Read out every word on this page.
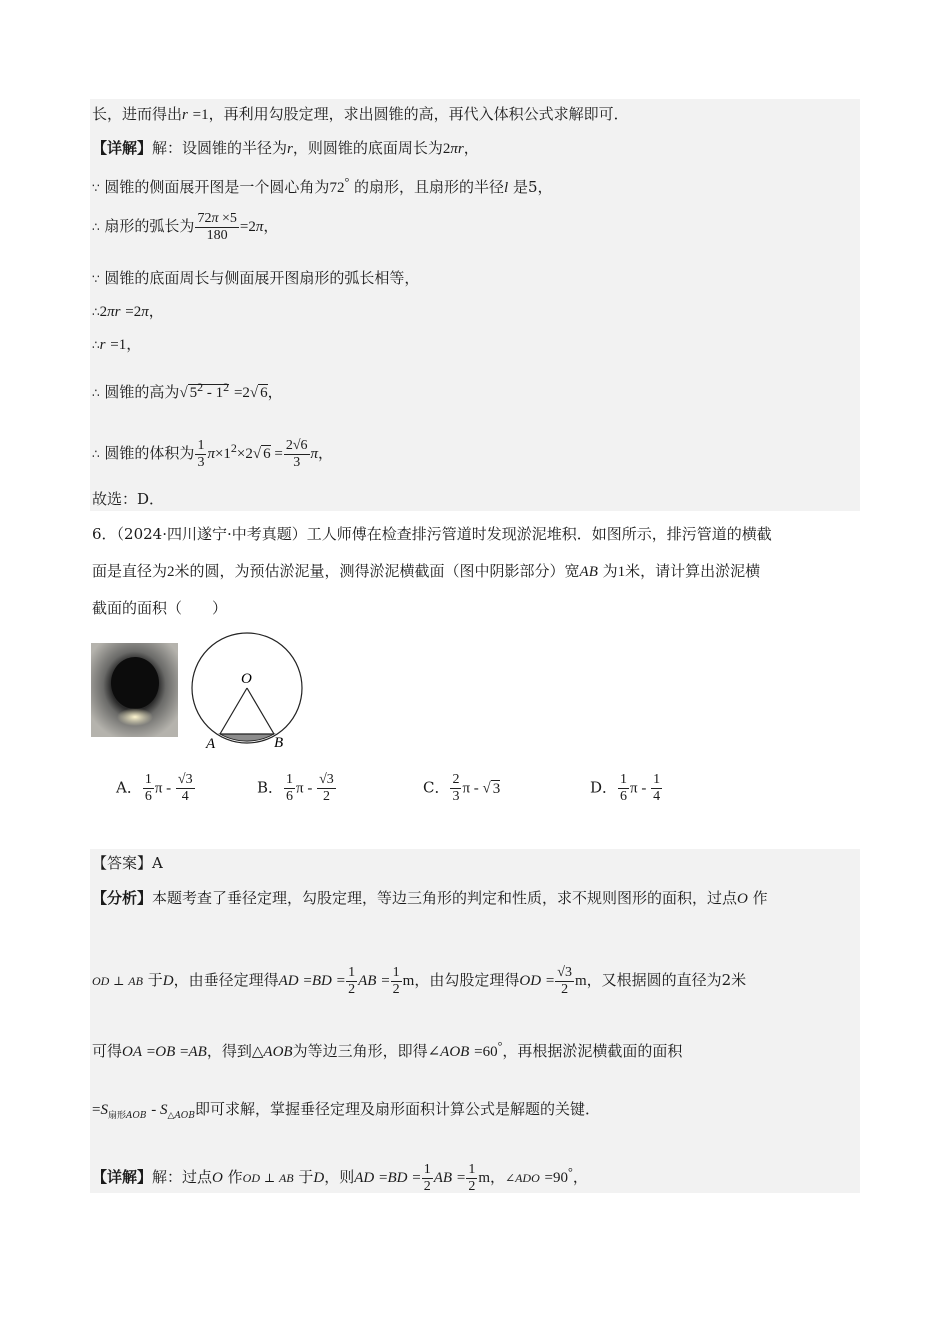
长，进而得出r =1，再利用勾股定理，求出圆锥的高，再代入体积公式求解即可．
【详解】解：设圆锥的半径为r，则圆锥的底面周长为2πr，
∵ 圆锥的侧面展开图是一个圆心角为72° 的扇形，且扇形的半径l 是5，
∴ 扇形的弧长为 $\frac{72\pi \times 5}{180} =2\pi$，
∵ 圆锥的底面周长与侧面展开图扇形的弧长相等，
∴2πr =2π，
∴r =1，
∴ 圆锥的高为√ $5^2 - 1^2 =2√$ 6，
∴ 圆锥的体积为 $\frac{1}{3} \pi\times 1^2\times 2√$ $6 = \frac{2√6}{3}$ π，
故选：D．
6．（2024·四川遂宁·中考真题）工人师傅在检查排污管道时发现淤泥堆积．如图所示，排污管道的横截
面是直径为2米的圆，为预估淤泥量，测得淤泥横截面（图中阴影部分）宽AB 为1米，请计算出淤泥横
截面的面积（　　）
O
A	B
A． $\frac{1}{6}$ π - $\frac{√3}{4}$	B． $\frac{1}{6}$ π - $\frac{√3}{2}$	C． $\frac{2}{3}$ π - √ 3	D． $\frac{1}{6}$ π - $\frac{1}{4}$
【答案】A
【分析】本题考查了垂径定理，勾股定理，等边三角形的判定和性质，求不规则图形的面积，过点O 作
OD ⊥ AB 于D，由垂径定理得AD $=BD = \frac{1}{2}$ AB = $\frac{1}{2}$ m，由勾股定理得OD = $\frac{√3}{2}$ m，又根据圆的直径为2米
可得OA =OB =AB，得到△AOB为等边三角形，即得∠AOB =60°，再根据淤泥横截面的面积
$=S_{扇形AOB} - S_{\triangle AOB}$即可求解，掌握垂径定理及扇形面积计算公式是解题的关键．
【详解】解：过点O 作OD ⊥ AB 于D，则AD $=BD = \frac{1}{2}$ AB = $\frac{1}{2}$ m，∠ADO =90°，
